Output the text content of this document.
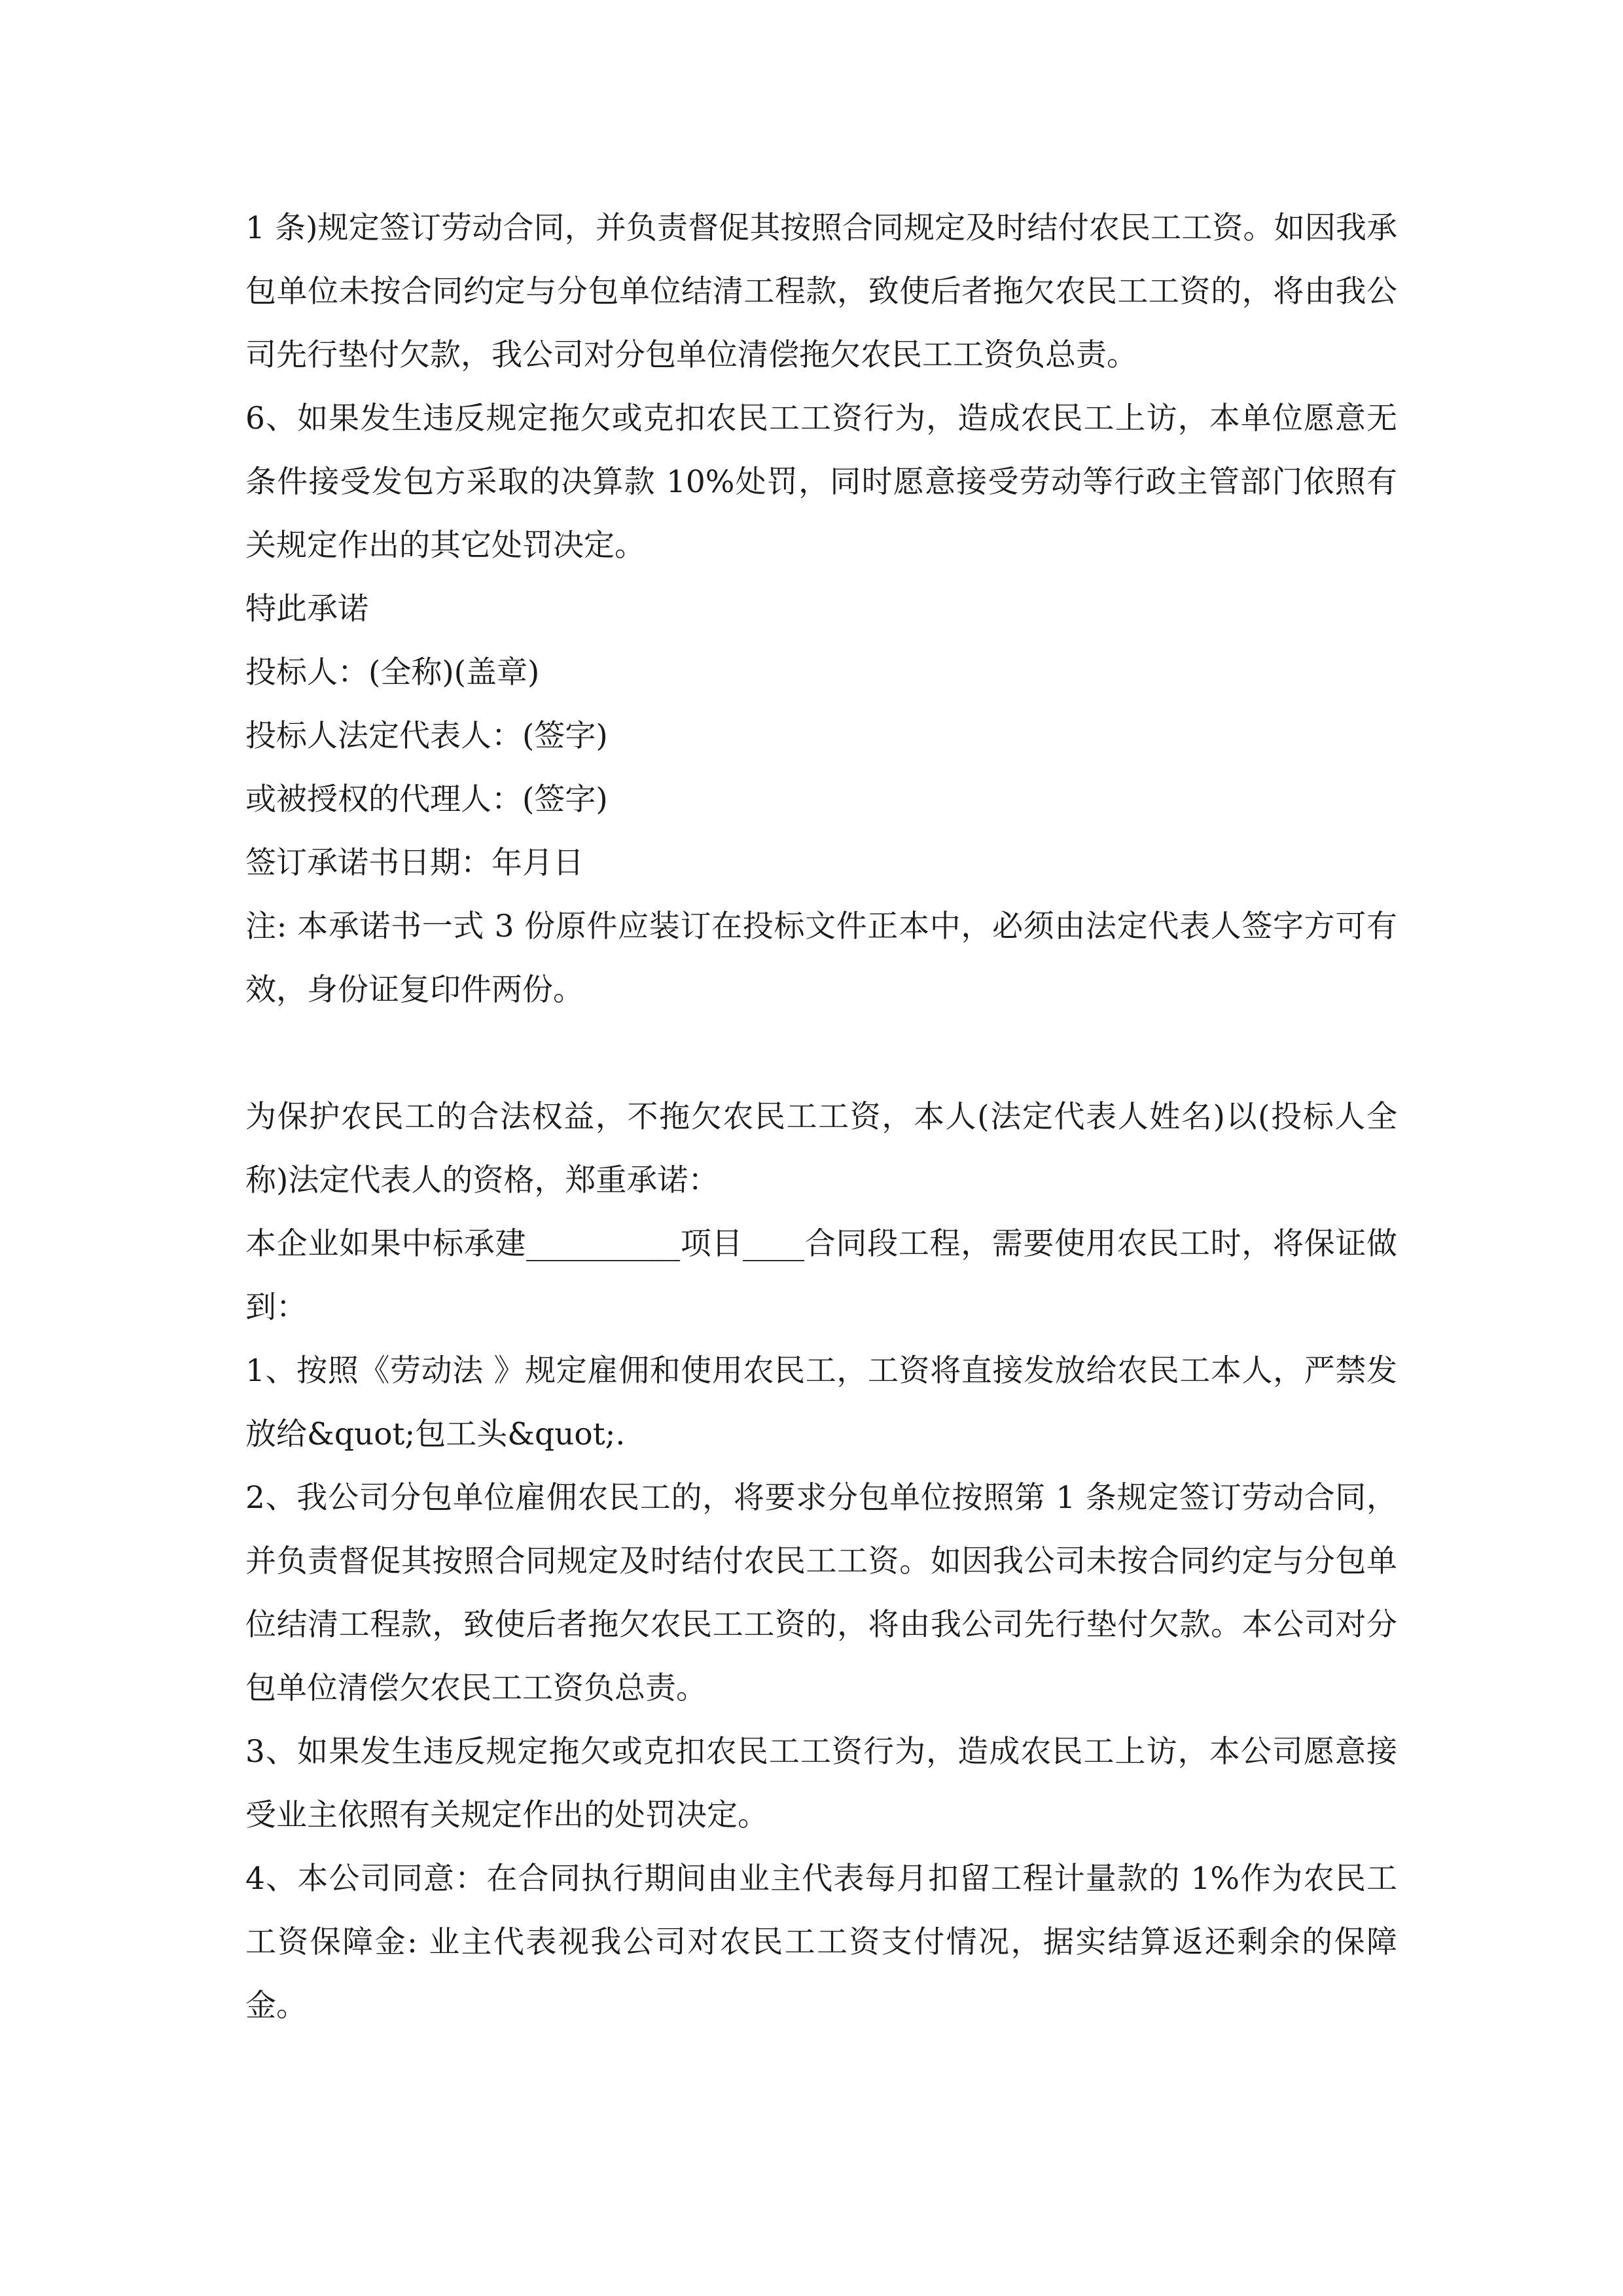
1 条)规定签订劳动合同，并负责督促其按照合同规定及时结付农民工工资。如因我承包单位未按合同约定与分包单位结清工程款，致使后者拖欠农民工工资的，将由我公司先行垫付欠款，我公司对分包单位清偿拖欠农民工工资负总责。

6、如果发生违反规定拖欠或克扣农民工工资行为，造成农民工上访，本单位愿意无条件接受发包方采取的决算款 10%处罚，同时愿意接受劳动等行政主管部门依照有关规定作出的其它处罚决定。

特此承诺

投标人：(全称)(盖章)

投标人法定代表人：(签字)

或被授权的代理人：(签字)

签订承诺书日期：年月日

注: 本承诺书一式 3 份原件应装订在投标文件正本中，必须由法定代表人签字方可有效，身份证复印件两份。

为保护农民工的合法权益，不拖欠农民工工资，本人(法定代表人姓名)以(投标人全称)法定代表人的资格，郑重承诺：

本企业如果中标承建__________项目____合同段工程，需要使用农民工时，将保证做到：

1、按照《劳动法 》规定雇佣和使用农民工，工资将直接发放给农民工本人，严禁发放给&quot;包工头&quot;.

2、我公司分包单位雇佣农民工的，将要求分包单位按照第 1 条规定签订劳动合同，并负责督促其按照合同规定及时结付农民工工资。如因我公司未按合同约定与分包单位结清工程款，致使后者拖欠农民工工资的，将由我公司先行垫付欠款。本公司对分包单位清偿欠农民工工资负总责。

3、如果发生违反规定拖欠或克扣农民工工资行为，造成农民工上访，本公司愿意接受业主依照有关规定作出的处罚决定。

4、本公司同意：在合同执行期间由业主代表每月扣留工程计量款的 1%作为农民工工资保障金: 业主代表视我公司对农民工工资支付情况，据实结算返还剩余的保障金。
